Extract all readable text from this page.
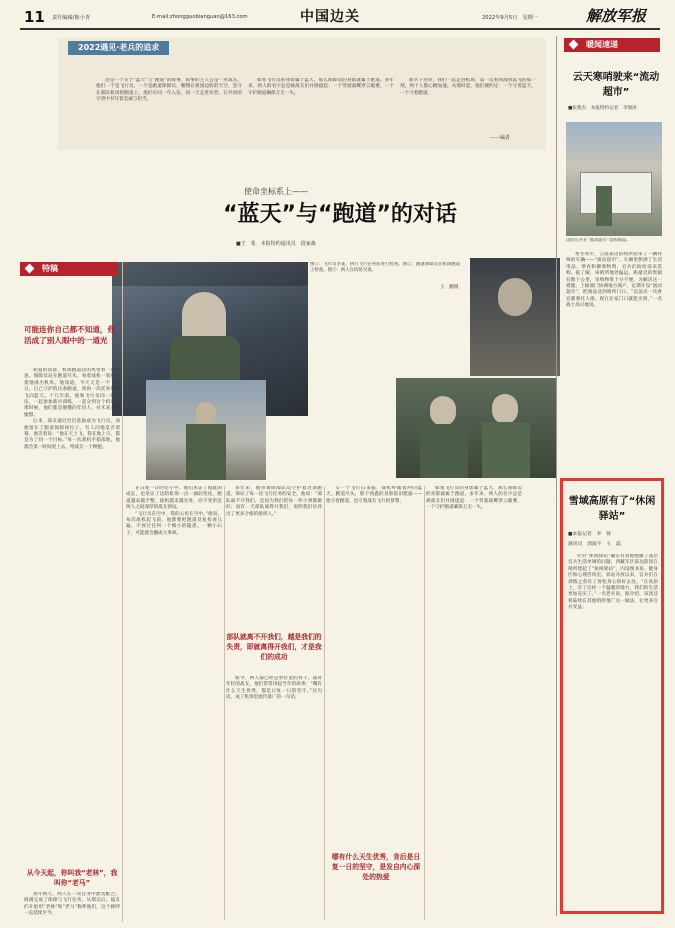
11 责任编辑/陈小青	E-mail:zhongguobianguan@163.com	中国边关	2022年9月5日　星期一	解放军报
2022遇见·老兵的追求

这是一个关于“蓝天”与“跑道”的故事，故事的主人公是一对战友。他们一个是飞行员，一个是跑道保障员，翱翔在祖国边防的天空，坚守在部队机场的跑道上。他们在同一年入伍，同一天走进军营，在共同的守望中书写着忠诚与担当。

如果飞行员的身影属于蓝天，那么保障员的身影就属于跑道。多年来，两人的名字总是被战友们并排提起：一个驾驶战鹰穿云破雾，一个守护跑道确保万无一失。

新兵下连时，我们一起走进机场，第一次看到战机起飞的那一刻，两个人都心跳加速。从那时起，他们便约定：一个守着蓝天，一个守着跑道。

——编者
使命坐标系上——
“蓝天”与“跑道”的对话
■王　希　本报特约通讯员　段家森
图①：飞行员李某，执行飞行任务前进行检查。图②：跑道保障员在机场跑道上检查。图③：两人在机场交谈。
王　鹏摄
特稿
可能连你自己都不知道，你活成了别人眼中的一道光

初夏的清晨，机场跑道边的风带着一丝凉意。保障员站在跑道尽头，看着战机一架接一架地滑出机库。他知道，今天又是一个飞行日，自己守护的这条跑道，将再一次托举战友飞向蓝天。十几年前，他和飞行员同一批入伍，一起参加新兵训练，一起分到这个机场。那时候，他们都是懵懂的年轻人，对未来充满憧憬。

后来，战友通过层层选拔成为飞行员，而他留在了跑道保障岗位上。有人问他是否羡慕，他笑着说：“他在天上飞，我在地上守，都是为了同一个目标。”每一次战机平稳落地，他都会第一时间迎上去，给战友一个拥抱。

从今天起，你叫我“老林”，我叫你“老马”

那年秋天，两人在一次任务中默契配合，圆满完成了保障与飞行任务。从那以后，战友们开始用“老林”和“老马”称呼他们，这个称呼一直延续至今。

在日复一日的坚守中，他们见证了彼此的成长，也见证了边防机场一点一滴的变化。跑道越来越平整，战机越来越先进，而不变的是两人之间深厚的战友情谊。

“飞行员在空中，我的心也在空中。”他说。每次战机起飞前，他都要把跑道反复检查几遍，不放过任何一个细小的隐患。一颗小石子，可能就会酿成大事故。

多年来，他带领保障队员守护着这条跑道，保证了每一次飞行任务的安全。他说：“部队离不开我们，是因为我们把每一件小事都做好；而有一天部队离得开我们，说明我们培养出了更多合格的接班人。”

部队就离不开我们，越是我们的失责，即就离得开我们，才是我们的成功

如今，两人都已经是单位里的骨干。面对年轻的战友，他们常常讲起当年的故事：“哪有什么天生优秀，都是日复一日的坚守。”这句话，成了机场里流传最广的一句话。

又一个飞行日来临，战机呼啸着冲向蓝天。跑道尽头，那个熟悉的身影依旧挺拔——他守着跑道，也守着战友飞行的梦想。

哪有什么天生优秀，肯后是日复一日的坚守，是发自内心深处的热爱

如果飞行员的身影属于蓝天，那么保障员的身影就属于跑道。多年来，两人的名字总是被战友们并排提起：一个驾驶战鹰穿云破雾，一个守护跑道确保万无一失。

暖闻速递
云天寒哨驶来“流动超市”
■张燕杰　本报特约记者　李瑞涛
边防官兵在“流动超市”选购商品。

寒冬将至，云南某边防哨所迎来了一辆特殊的车辆——“流动超市”。车厢里摆满了生活用品、零食和御寒物资，官兵们纷纷前来选购。据了解，该哨所地处偏远，距最近的集镇有数十公里，采购物资十分不便。为解决这一难题，上级部门协调地方商户，定期开设“流动超市”，把商品送到哨所门口。“以前买一块香皂都要托人捎，现在在家门口就能买到。”一名战士高兴地说。

雪域高原有了“休闲驿站”
■本报记者　李　蓉
通讯员　郭波宇　王　磊

针对“休闲驿站”确实有效地缓解了基层官兵生活单调的问题，西藏军区某边防团在哨所建起了“休闲驿站”，内设图书角、健身区和心理咨询室。驿站开放以来，官兵们在训练之余有了放松身心的好去处。“在高原上，有了这样一个温暖的地方，我们的生活更加充实了。”一名老兵说。据介绍，该团还将陆续在其他哨所推广这一做法，让更多官兵受益。
